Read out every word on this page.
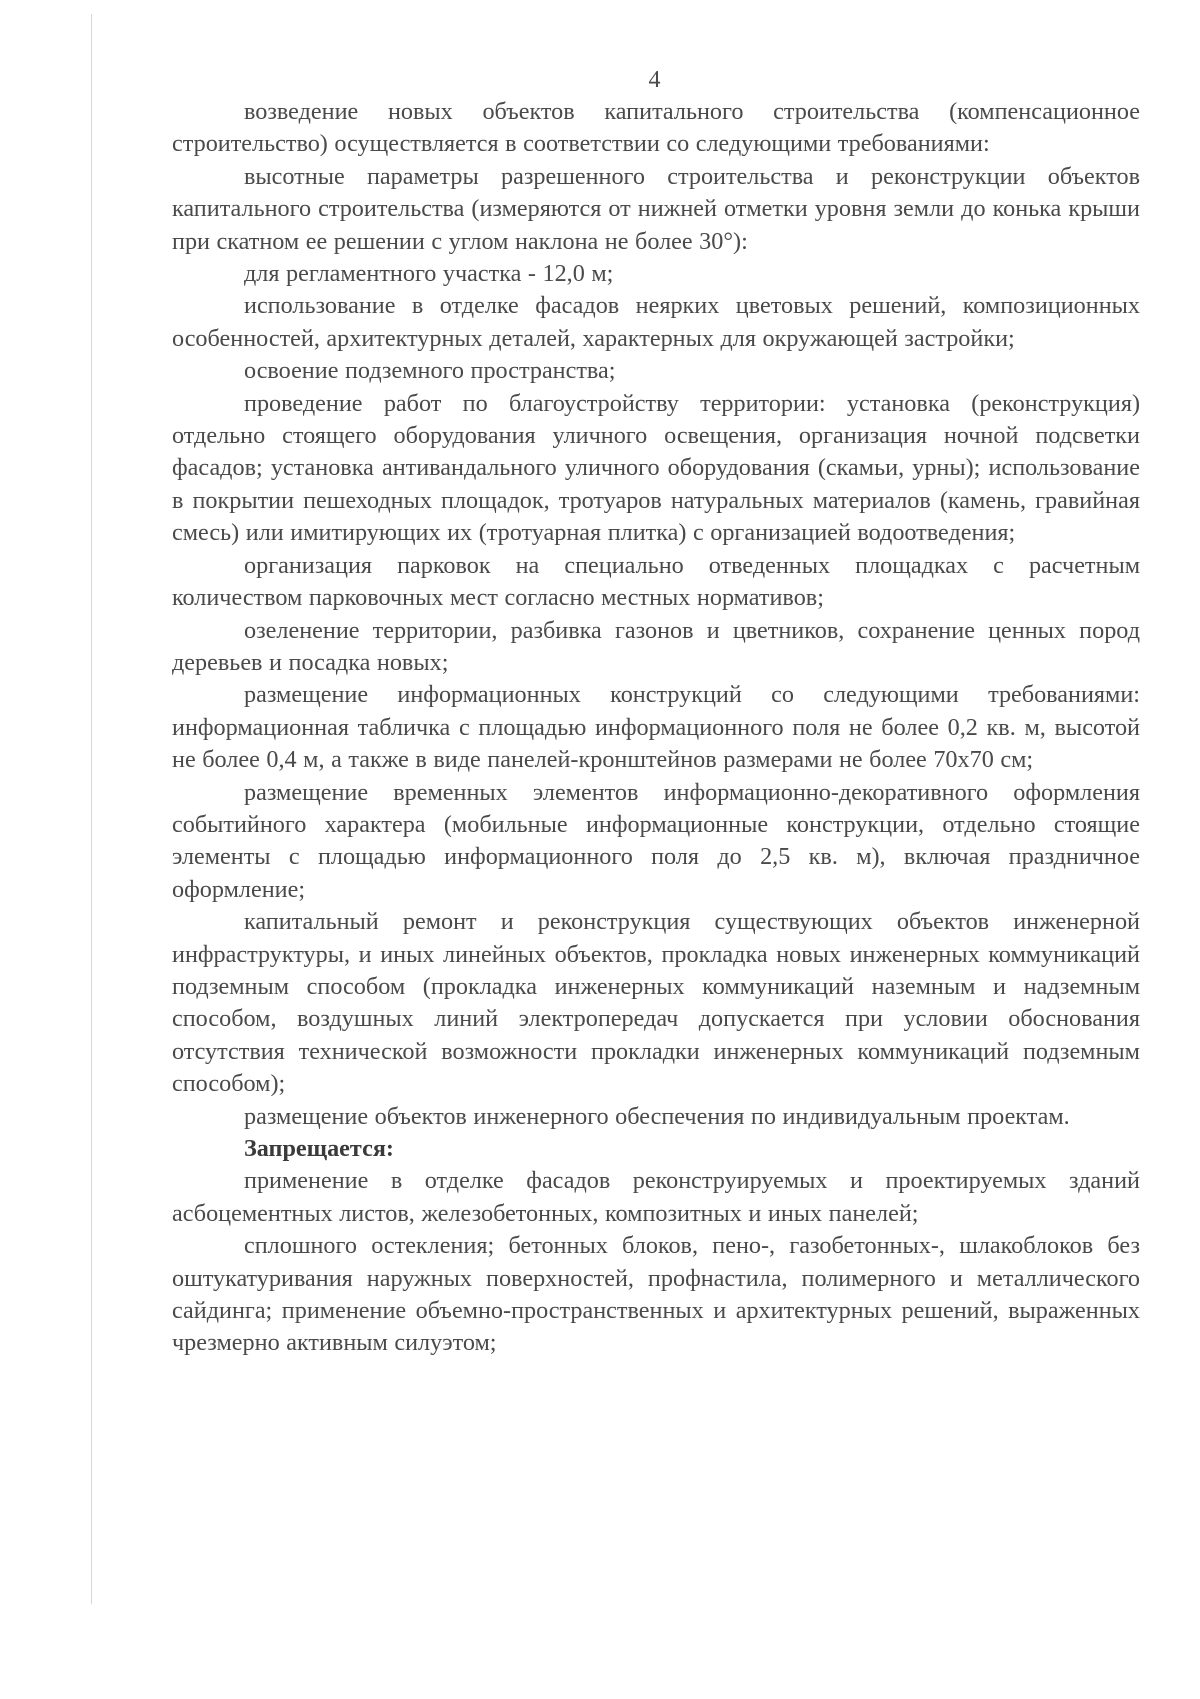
4

возведение новых объектов капитального строительства (компенсационное строительство) осуществляется в соответствии со следующими требованиями:

высотные параметры разрешенного строительства и реконструкции объектов капитального строительства (измеряются от нижней отметки уровня земли до конька крыши при скатном ее решении с углом наклона не более 30°):

для регламентного участка - 12,0 м;

использование в отделке фасадов неярких цветовых решений, композиционных особенностей, архитектурных деталей, характерных для окружающей застройки;

освоение подземного пространства;

проведение работ по благоустройству территории: установка (реконструкция) отдельно стоящего оборудования уличного освещения, организация ночной подсветки фасадов; установка антивандального уличного оборудования (скамьи, урны); использование в покрытии пешеходных площадок, тротуаров натуральных материалов (камень, гравийная смесь) или имитирующих их (тротуарная плитка) с организацией водоотведения;

организация парковок на специально отведенных площадках с расчетным количеством парковочных мест согласно местных нормативов;

озеленение территории, разбивка газонов и цветников, сохранение ценных пород деревьев и посадка новых;

размещение информационных конструкций со следующими требованиями: информационная табличка с площадью информационного поля не более 0,2 кв. м, высотой не более 0,4 м, а также в виде панелей-кронштейнов размерами не более 70х70 см;

размещение временных элементов информационно-декоративного оформления событийного характера (мобильные информационные конструкции, отдельно стоящие элементы с площадью информационного поля до 2,5 кв. м), включая праздничное оформление;

капитальный ремонт и реконструкция существующих объектов инженерной инфраструктуры, и иных линейных объектов, прокладка новых инженерных коммуникаций подземным способом (прокладка инженерных коммуникаций наземным и надземным способом, воздушных линий электропередач допускается при условии обоснования отсутствия технической возможности прокладки инженерных коммуникаций подземным способом);

размещение объектов инженерного обеспечения по индивидуальным проектам.

Запрещается:

применение в отделке фасадов реконструируемых и проектируемых зданий асбоцементных листов, железобетонных, композитных и иных панелей;

сплошного остекления; бетонных блоков, пено-, газобетонных-, шлакоблоков без оштукатуривания наружных поверхностей, профнастила, полимерного и металлического сайдинга; применение объемно-пространственных и архитектурных решений, выраженных чрезмерно активным силуэтом;
